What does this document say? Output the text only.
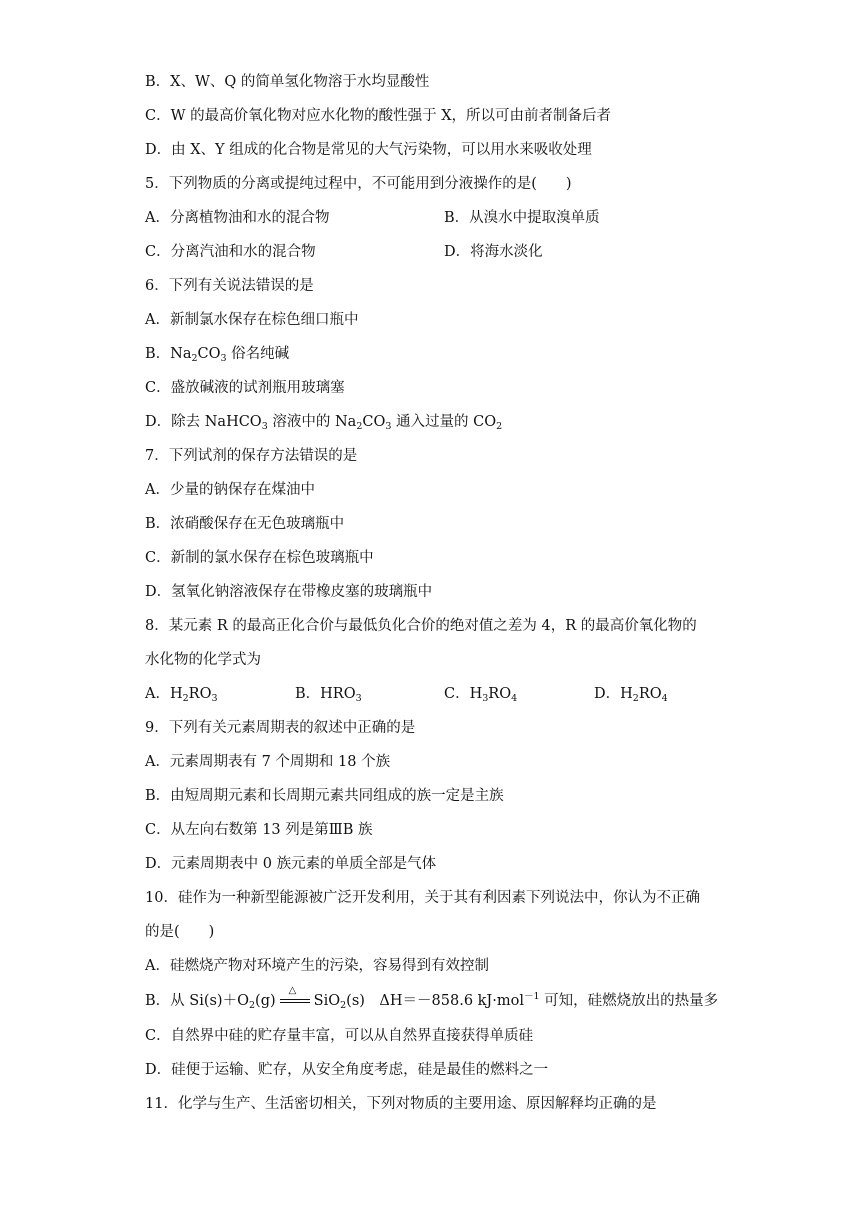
B．X、W、Q 的简单氢化物溶于水均显酸性
C．W 的最高价氧化物对应水化物的酸性强于 X，所以可由前者制备后者
D．由 X、Y 组成的化合物是常见的大气污染物，可以用水来吸收处理
5．下列物质的分离或提纯过程中，不可能用到分液操作的是(　　)
A．分离植物油和水的混合物	B．从溴水中提取溴单质
C．分离汽油和水的混合物	D．将海水淡化
6．下列有关说法错误的是
A．新制氯水保存在棕色细口瓶中
B．$Na_2CO_3$ 俗名纯碱
C．盛放碱液的试剂瓶用玻璃塞
D．除去 NaHCO$_3$ 溶液中的 $Na_2CO_3$ 通入过量的 $CO_2$
7．下列试剂的保存方法错误的是
A．少量的钠保存在煤油中
B．浓硝酸保存在无色玻璃瓶中
C．新制的氯水保存在棕色玻璃瓶中
D．氢氧化钠溶液保存在带橡皮塞的玻璃瓶中
8．某元素 R 的最高正化合价与最低负化合价的绝对值之差为 4，R 的最高价氧化物的
水化物的化学式为
A．$H_2RO_3$	B．$HRO_3$	C．$H_3RO_4$	D．$H_2RO_4$
9．下列有关元素周期表的叙述中正确的是
A．元素周期表有 7 个周期和 18 个族
B．由短周期元素和长周期元素共同组成的族一定是主族
C．从左向右数第 13 列是第ⅢB 族
D．元素周期表中 0 族元素的单质全部是气体
10．硅作为一种新型能源被广泛开发利用，关于其有利因素下列说法中，你认为不正确
的是(　　)
A．硅燃烧产物对环境产生的污染，容易得到有效控制
B．从 $Si(s)+O_2(g)$
△
SiO$_2$(s)　ΔH＝－858.6 kJ·mol$^{-1}$ 可知，硅燃烧放出的热量多
C．自然界中硅的贮存量丰富，可以从自然界直接获得单质硅
D．硅便于运输、贮存，从安全角度考虑，硅是最佳的燃料之一
11．化学与生产、生活密切相关，下列对物质的主要用途、原因解释均正确的是
